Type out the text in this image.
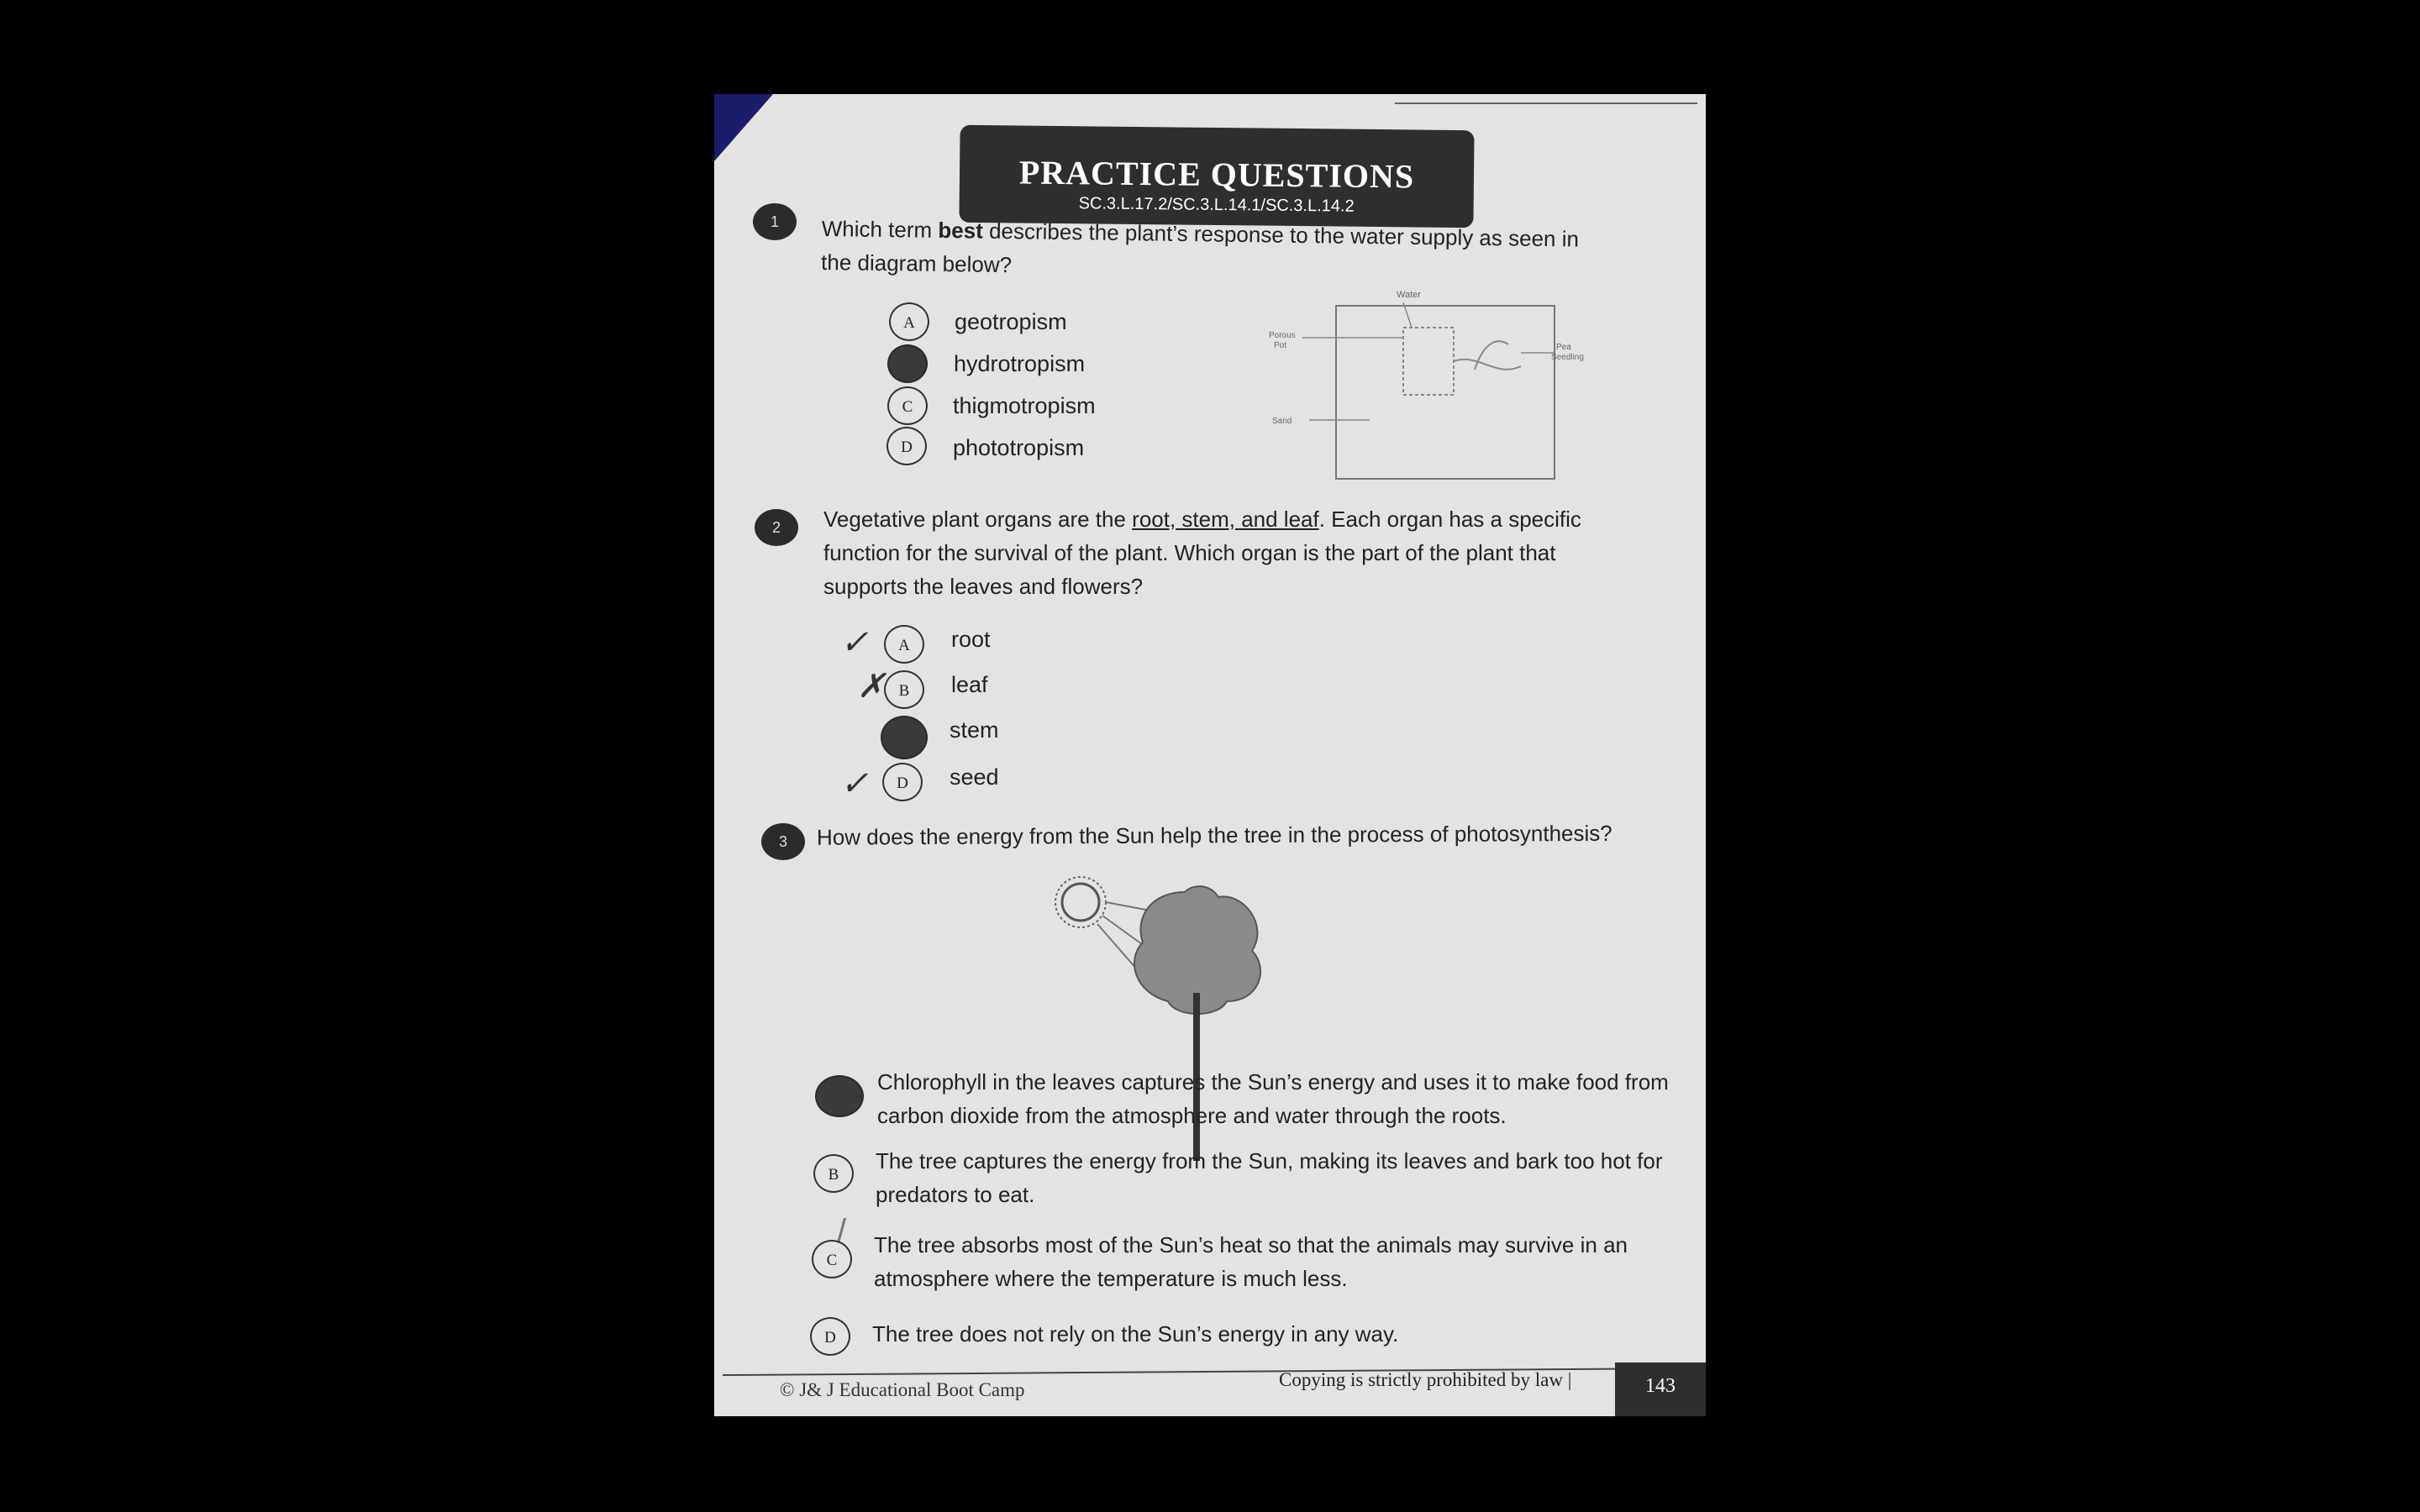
PRACTICE QUESTIONS
SC.3.L.17.2/SC.3.L.14.1/SC.3.L.14.2
1	Which term best describes the plant’s response to the water supply as seen in the diagram below?
A	geotropism
hydrotropism
C	thigmotropism
D	phototropism
Water
Porous
Pot	Pea
Seedling
Sand
2	Vegetative plant organs are the root, stem, and leaf. Each organ has a specific function for the survival of the plant. Which organ is the part of the plant that supports the leaves and flowers?
✓	A	root
✗ B	leaf
stem
✓	D	seed
3	How does the energy from the Sun help the tree in the process of photosynthesis?
Chlorophyll in the leaves captures the Sun’s energy and uses it to make food from carbon dioxide from the atmosphere and water through the roots.
B
The tree captures the energy from the Sun, making its leaves and bark too hot for predators to eat.
/
C
The tree absorbs most of the Sun’s heat so that the animals may survive in an atmosphere where the temperature is much less.
D	The tree does not rely on the Sun’s energy in any way.
© J& J Educational Boot Camp	Copying is strictly prohibited by law |	143
